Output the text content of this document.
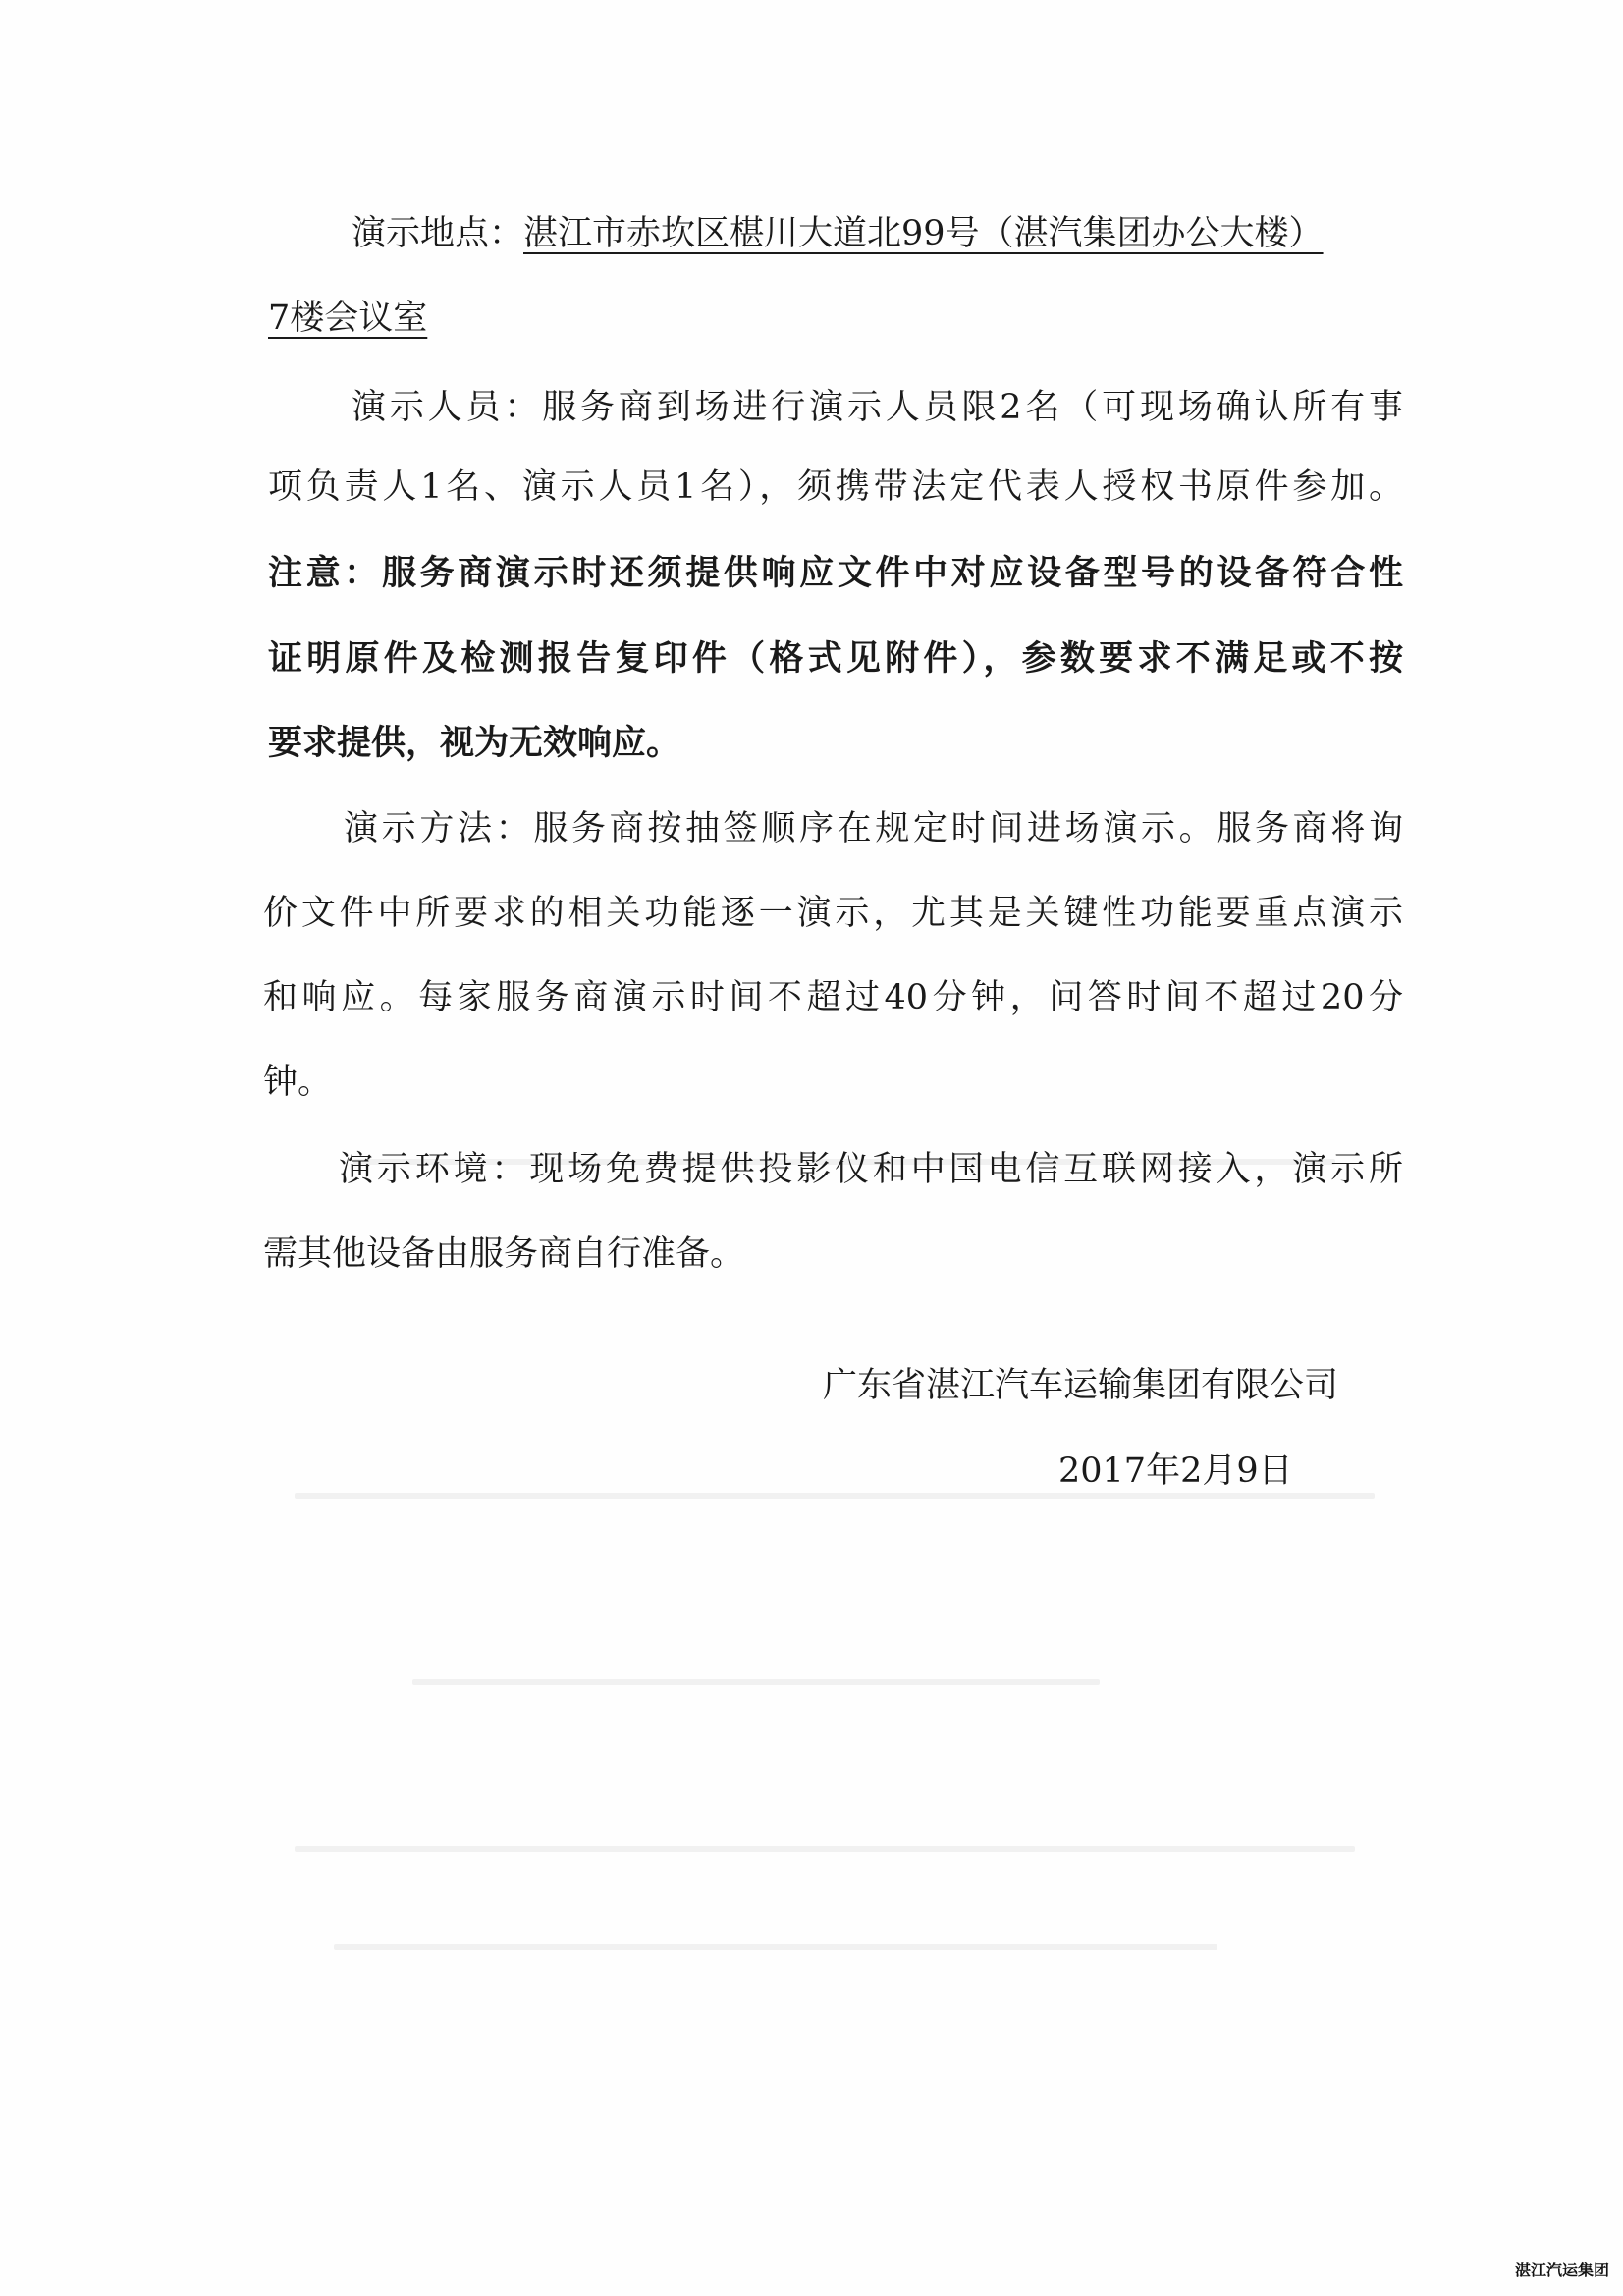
演示地点：湛江市赤坎区椹川大道北99号（湛汽集团办公大楼）
7楼会议室
演示人员：服务商到场进行演示人员限2名（可现场确认所有事
项负责人1名、演示人员1名），须携带法定代表人授权书原件参加。
注意：服务商演示时还须提供响应文件中对应设备型号的设备符合性
证明原件及检测报告复印件（格式见附件），参数要求不满足或不按
要求提供，视为无效响应。
演示方法：服务商按抽签顺序在规定时间进场演示。服务商将询
价文件中所要求的相关功能逐一演示，尤其是关键性功能要重点演示
和响应。每家服务商演示时间不超过40分钟，问答时间不超过20分
钟。
演示环境：现场免费提供投影仪和中国电信互联网接入，演示所
需其他设备由服务商自行准备。
广东省湛江汽车运输集团有限公司
2017年2月9日
湛江汽运集团
